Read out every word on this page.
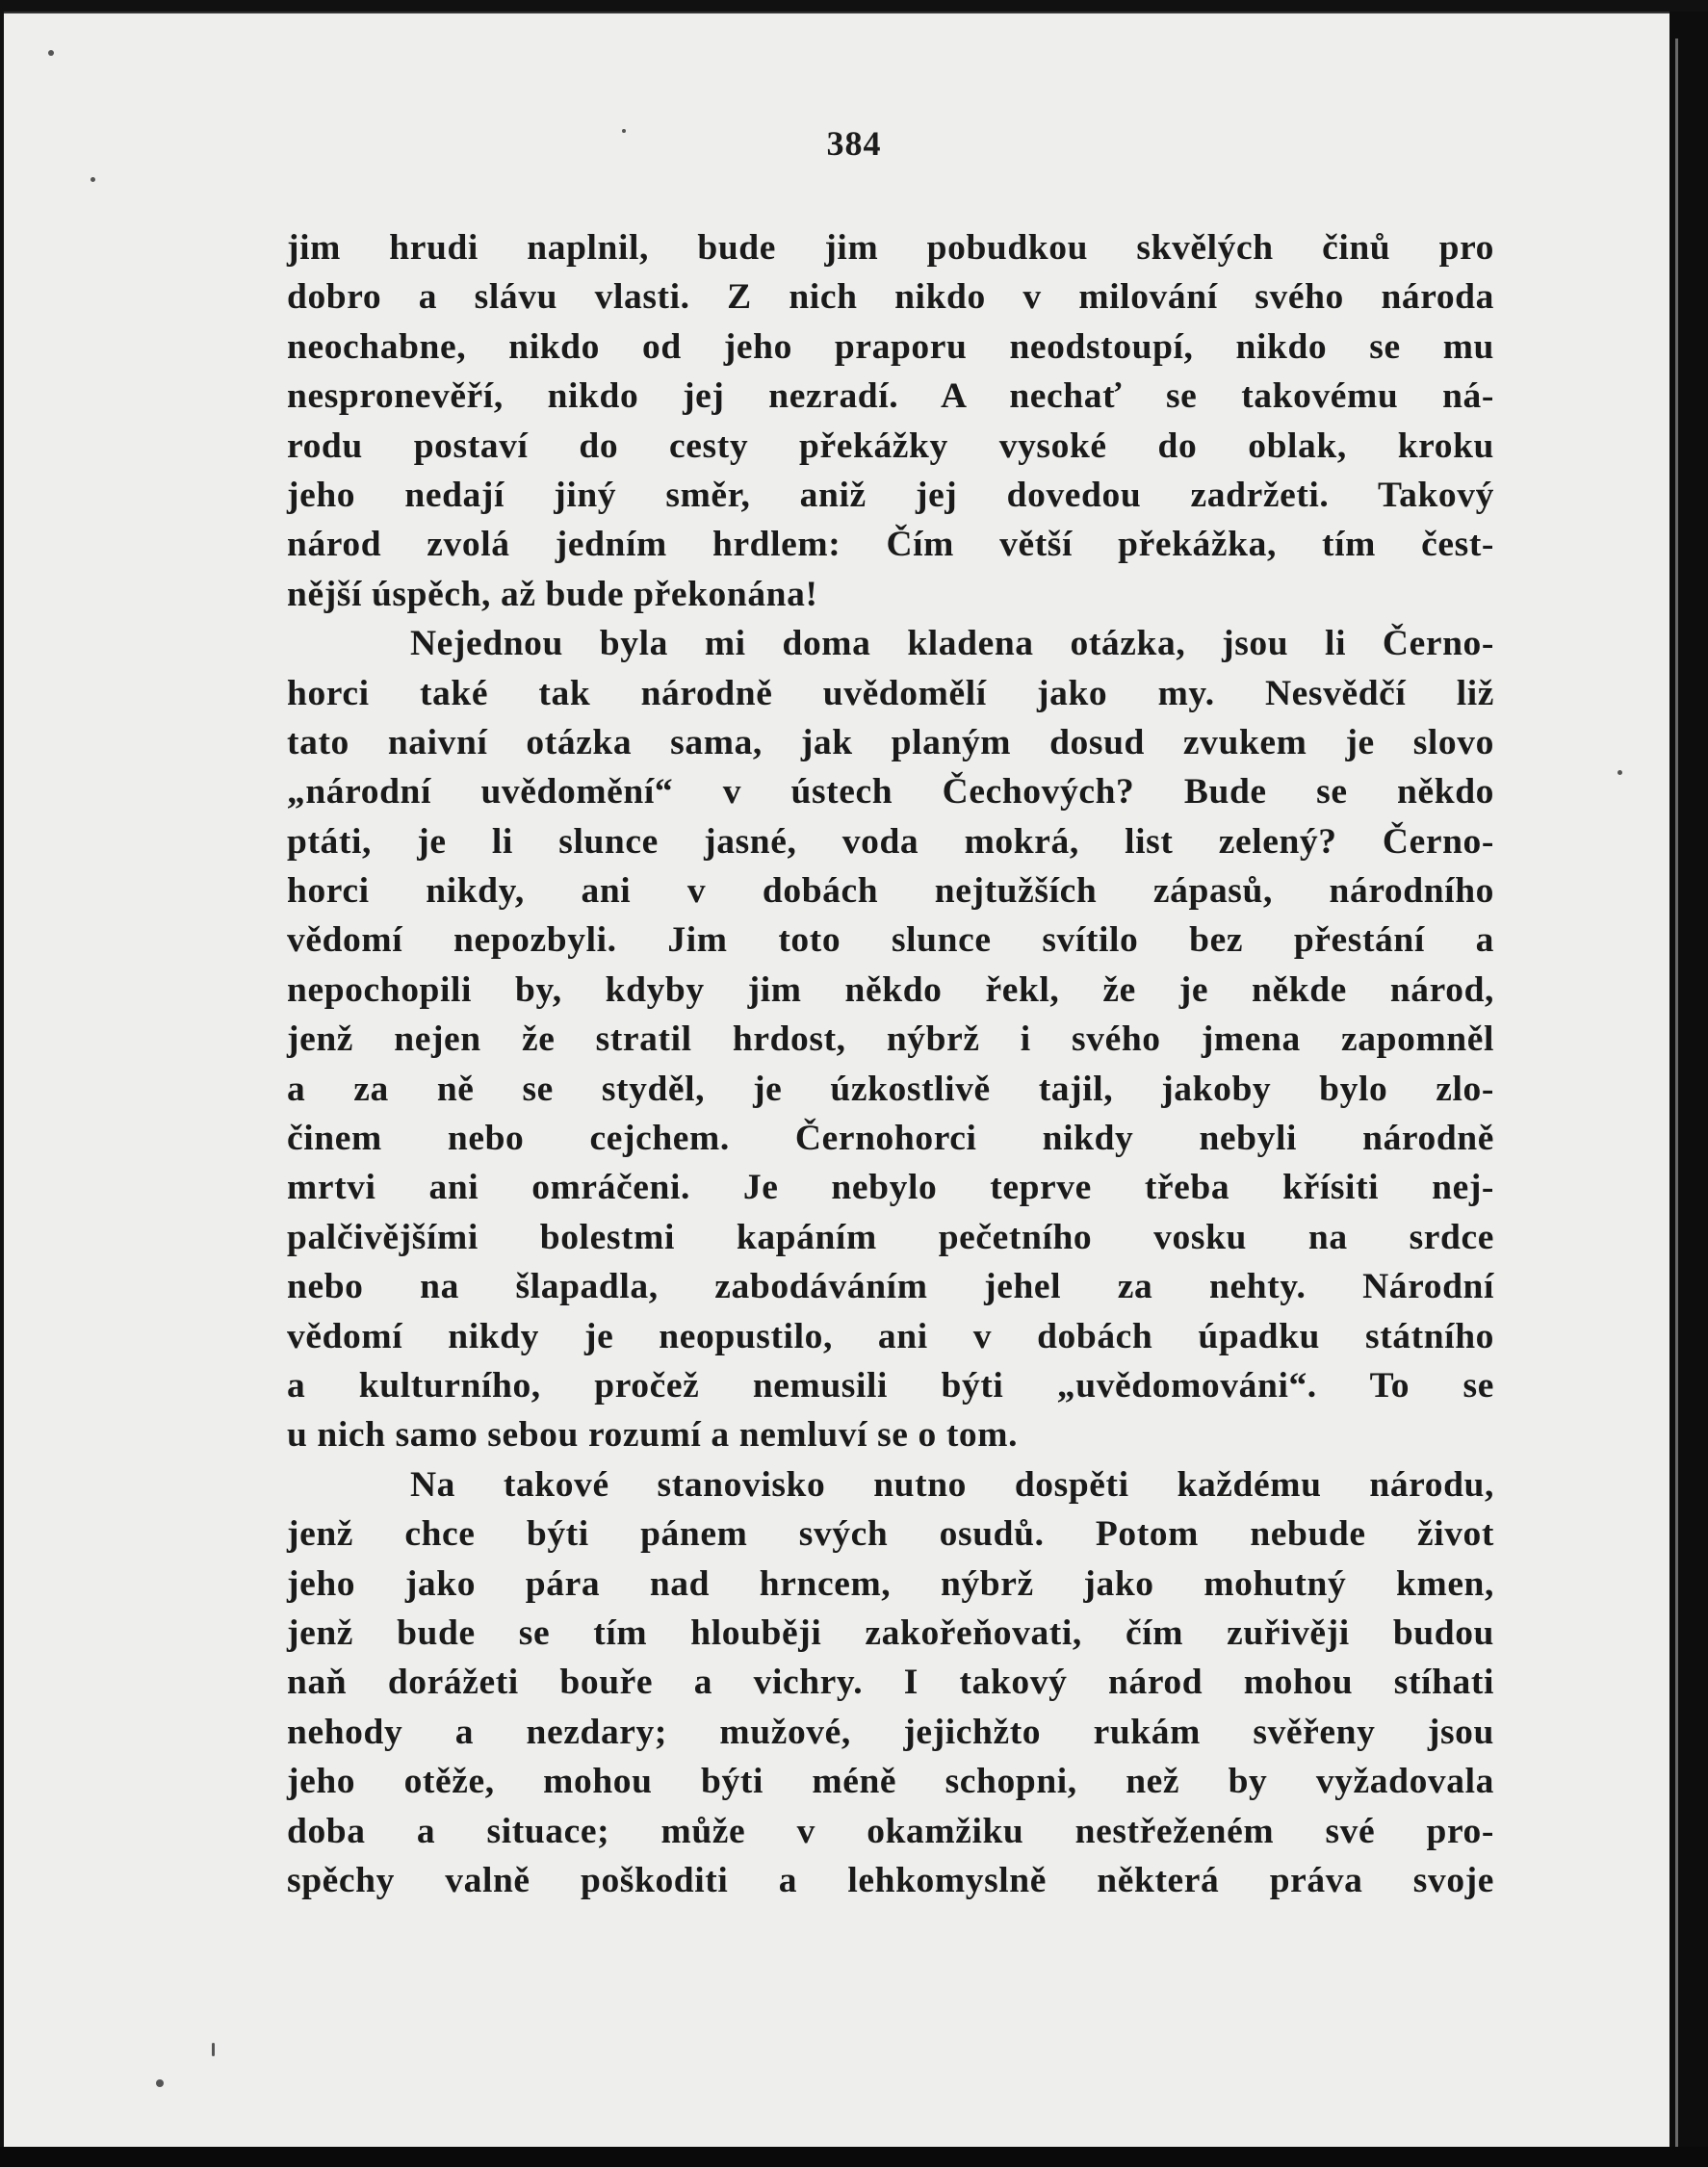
384
jim hrudi naplnil, bude jim pobudkou skvělých činů pro
dobro a slávu vlasti. Z nich nikdo v milování svého národa
neochabne, nikdo od jeho praporu neodstoupí, nikdo se mu
nespronevěří, nikdo jej nezradí. A nechať se takovému ná-
rodu postaví do cesty překážky vysoké do oblak, kroku
jeho nedají jiný směr, aniž jej dovedou zadržeti. Takový
národ zvolá jedním hrdlem: Čím větší překážka, tím čest-
nější úspěch, až bude překonána!
Nejednou byla mi doma kladena otázka, jsou li Černo-
horci také tak národně uvědomělí jako my. Nesvědčí liž
tato naivní otázka sama, jak planým dosud zvukem je slovo
„národní uvědomění“ v ústech Čechových? Bude se někdo
ptáti, je li slunce jasné, voda mokrá, list zelený? Černo-
horci nikdy, ani v dobách nejtužších zápasů, národního
vědomí nepozbyli. Jim toto slunce svítilo bez přestání a
nepochopili by, kdyby jim někdo řekl, že je někde národ,
jenž nejen že stratil hrdost, nýbrž i svého jmena zapomněl
a za ně se styděl, je úzkostlivě tajil, jakoby bylo zlo-
činem nebo cejchem. Černohorci nikdy nebyli národně
mrtvi ani omráčeni. Je nebylo teprve třeba křísiti nej-
palčivějšími bolestmi kapáním pečetního vosku na srdce
nebo na šlapadla, zabodáváním jehel za nehty. Národní
vědomí nikdy je neopustilo, ani v dobách úpadku státního
a kulturního, pročež nemusili býti „uvědomováni“. To se
u nich samo sebou rozumí a nemluví se o tom.
Na takové stanovisko nutno dospěti každému národu,
jenž chce býti pánem svých osudů. Potom nebude život
jeho jako pára nad hrncem, nýbrž jako mohutný kmen,
jenž bude se tím hlouběji zakořeňovati, čím zuřivěji budou
naň dorážeti bouře a vichry. I takový národ mohou stíhati
nehody a nezdary; mužové, jejichžto rukám svěřeny jsou
jeho otěže, mohou býti méně schopni, než by vyžadovala
doba a situace; může v okamžiku nestřeženém své pro-
spěchy valně poškoditi a lehkomyslně některá práva svoje
